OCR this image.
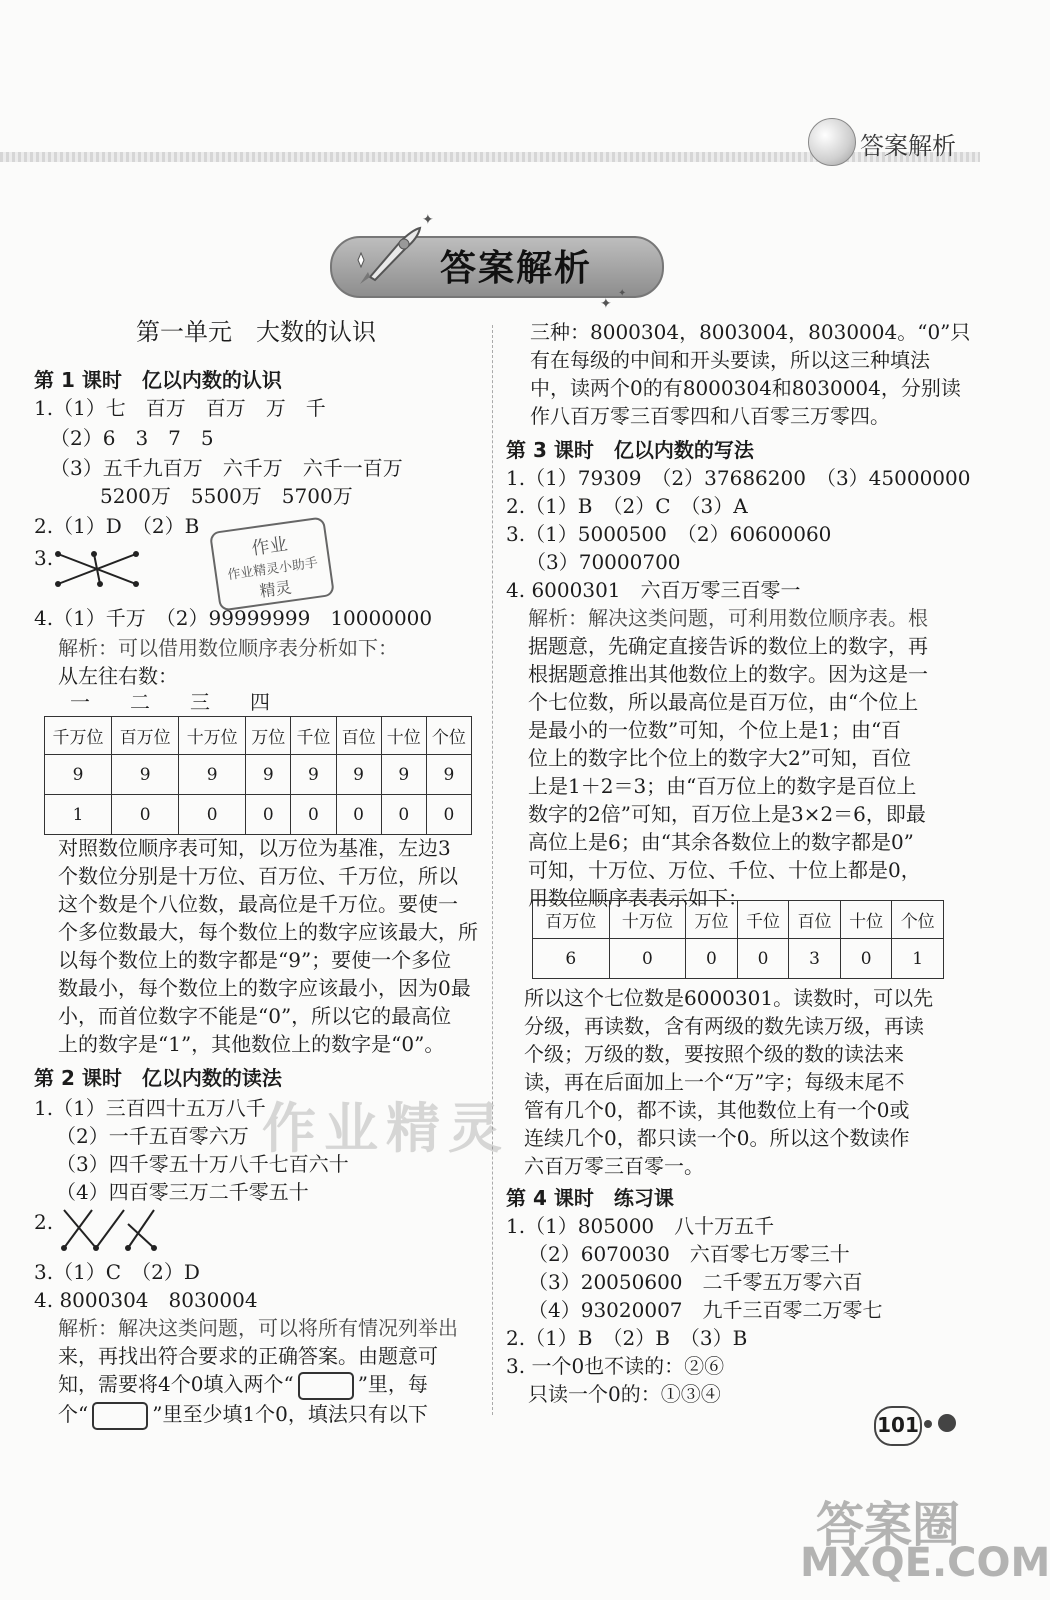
答案解析
答案解析
✦
✦
✦
第一单元　大数的认识
第 1 课时　亿以内数的认识
1.（1）七　百万　百万　万　千
（2）6　3　7　5
（3）五千九百万　六千万　六千一百万
5200万　5500万　5700万
2.（1）D　（2）B
3.	作业
作业精灵小助手
精灵
4.（1）千万　（2）99999999　10000000
解析：可以借用数位顺序表分析如下：
从左往右数：
一　　二　　三　　四
千万位	百万位	十万位	万位	千位	百位	十位	个位
9	9	9	9	9	9	9	9
1	0	0	0	0	0	0	0
对照数位顺序表可知，以万位为基准，左边3
个数位分别是十万位、百万位、千万位，所以
这个数是个八位数，最高位是千万位。要使一
个多位数最大，每个数位上的数字应该最大，所
以每个数位上的数字都是“9”；要使一个多位
数最小，每个数位上的数字应该最小，因为0最
小，而首位数字不能是“0”，所以它的最高位
上的数字是“1”，其他数位上的数字是“0”。
第 2 课时　亿以内数的读法
1.（1）三百四十五万八千
（2）一千五百零六万
（3）四千零五十万八千七百六十
（4）四百零三万二千零五十
2.
3.（1）C　（2）D
4. 8000304　8030004
解析：解决这类问题，可以将所有情况列举出
来，再找出符合要求的正确答案。由题意可
知，需要将4个0填入两个“	”里，每
个“	”里至少填1个0，填法只有以下
三种：8000304，8003004，8030004。“0”只
有在每级的中间和开头要读，所以这三种填法
中，读两个0的有8000304和8030004，分别读
作八百万零三百零四和八百零三万零四。
第 3 课时　亿以内数的写法
1.（1）79309　（2）37686200　（3）45000000
2.（1）B　（2）C　（3）A
3.（1）5000500　（2）60600060
（3）70000700
4. 6000301　六百万零三百零一
解析：解决这类问题，可利用数位顺序表。根
据题意，先确定直接告诉的数位上的数字，再
根据题意推出其他数位上的数字。因为这是一
个七位数，所以最高位是百万位，由“个位上
是最小的一位数”可知，个位上是1；由“百
位上的数字比个位上的数字大2”可知，百位
上是1＋2＝3；由“百万位上的数字是百位上
数字的2倍”可知，百万位上是3×2＝6，即最
高位上是6；由“其余各数位上的数字都是0”
可知，十万位、万位、千位、十位上都是0，
用数位顺序表表示如下：
百万位	十万位	万位	千位	百位	十位	个位
6	0	0	0	3	0	1
所以这个七位数是6000301。读数时，可以先
分级，再读数，含有两级的数先读万级，再读
个级；万级的数，要按照个级的数的读法来
读，再在后面加上一个“万”字；每级末尾不
管有几个0，都不读，其他数位上有一个0或
连续几个0，都只读一个0。所以这个数读作
六百万零三百零一。
第 4 课时　练习课
1.（1）805000　八十万五千
（2）6070030　六百零七万零三十
（3）20050600　二千零五万零六百
（4）93020007　九千三百零二万零七
2.（1）B　（2）B　（3）B
3. 一个0也不读的：②⑥
只读一个0的：①③④
101
作业精灵
答案圈
MXQE.COM
